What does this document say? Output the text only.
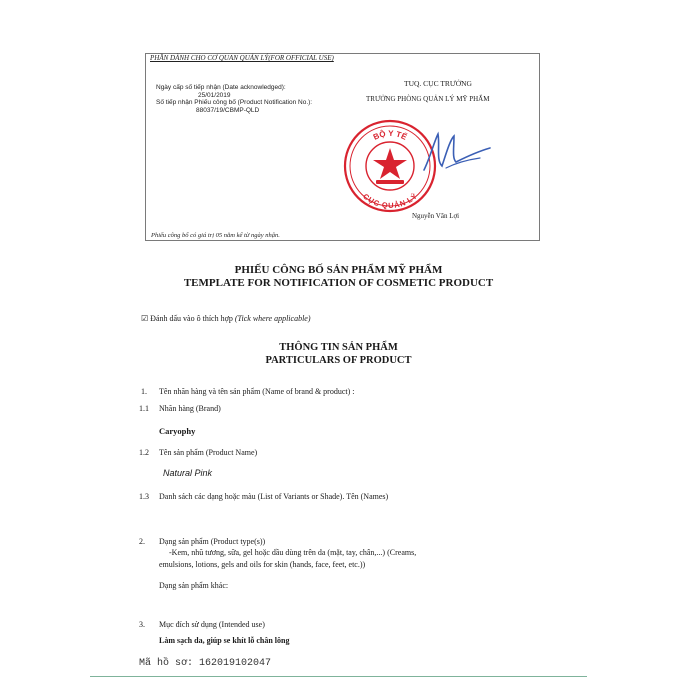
PHẦN DÀNH CHO CƠ QUAN QUẢN LÝ(FOR OFFICIAL USE)
Ngày cấp số tiếp nhận (Date acknowledged):
25/01/2019
Số tiếp nhận Phiếu công bố (Product Notification No.):
88037/19/CBMP-QLD
TUQ. CỤC TRƯỞNG
TRƯỞNG PHÒNG QUẢN LÝ MỸ PHẨM
BỘ Y TẾ
CỤC QUẢN LÝ
Nguyễn Văn Lợi
Phiếu công bố có giá trị 05 năm kể từ ngày nhận.
PHIẾU CÔNG BỐ SẢN PHẨM MỸ PHẨM
TEMPLATE FOR NOTIFICATION OF COSMETIC PRODUCT
☑ Đánh dấu vào ô thích hợp (Tick where applicable)
THÔNG TIN SẢN PHẨM
PARTICULARS OF PRODUCT
1. Tên nhãn hàng và tên sản phẩm (Name of brand & product) :
1.1 Nhãn hàng (Brand)
Caryophy
1.2 Tên sản phẩm (Product Name)
Natural Pink
1.3 Danh sách các dạng hoặc màu (List of Variants or Shade). Tên (Names)
2. Dạng sản phẩm (Product type(s))
-Kem, nhũ tương, sữa, gel hoặc dầu dùng trên da (mặt, tay, chân,...) (Creams,
emulsions, lotions, gels and oils for skin (hands, face, feet, etc.))
Dạng sản phẩm khác:
3. Mục đích sử dụng (Intended use)
Làm sạch da, giúp se khít lỗ chân lông
Mã hồ sơ: 162019102047
